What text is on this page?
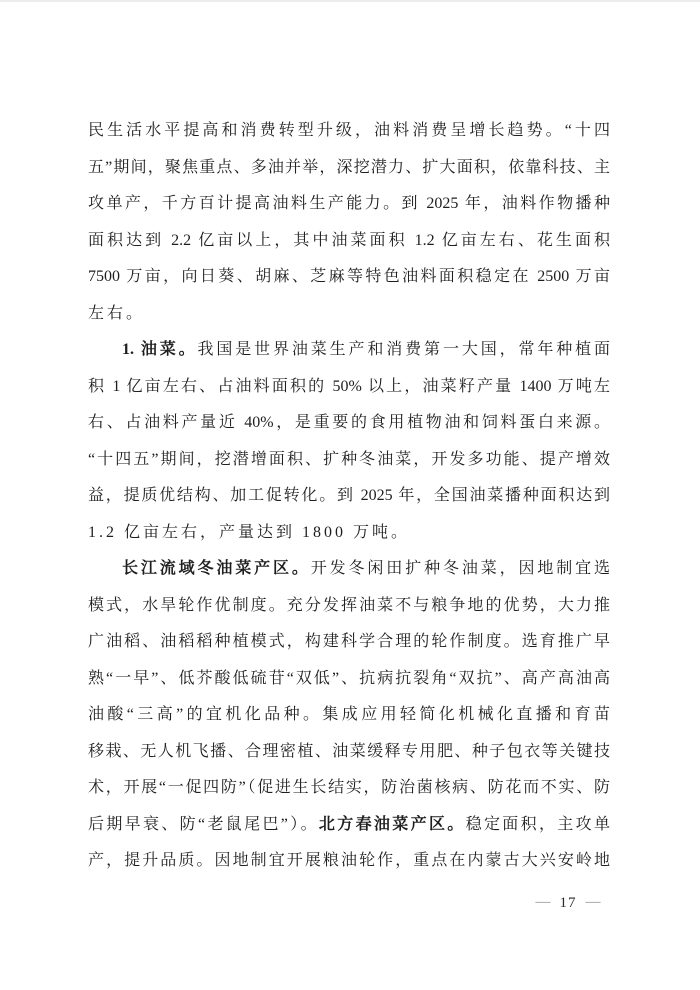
民生活水平提高和消费转型升级，油料消费呈增长趋势。“十四
五”期间，聚焦重点、多油并举，深挖潜力、扩大面积，依靠科技、主
攻单产，千方百计提高油料生产能力。到 2025 年，油料作物播种
面积达到 2.2 亿亩以上，其中油菜面积 1.2 亿亩左右、花生面积
7500 万亩，向日葵、胡麻、芝麻等特色油料面积稳定在 2500 万亩
左右。
1. 油菜。我国是世界油菜生产和消费第一大国，常年种植面
积 1 亿亩左右、占油料面积的 50% 以上，油菜籽产量 1400 万吨左
右、占油料产量近 40%，是重要的食用植物油和饲料蛋白来源。
“十四五”期间，挖潜增面积、扩种冬油菜，开发多功能、提产增效
益，提质优结构、加工促转化。到 2025 年，全国油菜播种面积达到
1.2 亿亩左右，产量达到 1800 万吨。
长江流域冬油菜产区。开发冬闲田扩种冬油菜，因地制宜选
模式，水旱轮作优制度。充分发挥油菜不与粮争地的优势，大力推
广油稻、油稻稻种植模式，构建科学合理的轮作制度。选育推广早
熟“一早”、低芥酸低硫苷“双低”、抗病抗裂角“双抗”、高产高油高
油酸“三高”的宜机化品种。集成应用轻简化机械化直播和育苗
移栽、无人机飞播、合理密植、油菜缓释专用肥、种子包衣等关键技
术，开展“一促四防”（促进生长结实，防治菌核病、防花而不实、防
后期早衰、防“老鼠尾巴”）。北方春油菜产区。稳定面积，主攻单
产，提升品质。因地制宜开展粮油轮作，重点在内蒙古大兴安岭地
— 17 —
